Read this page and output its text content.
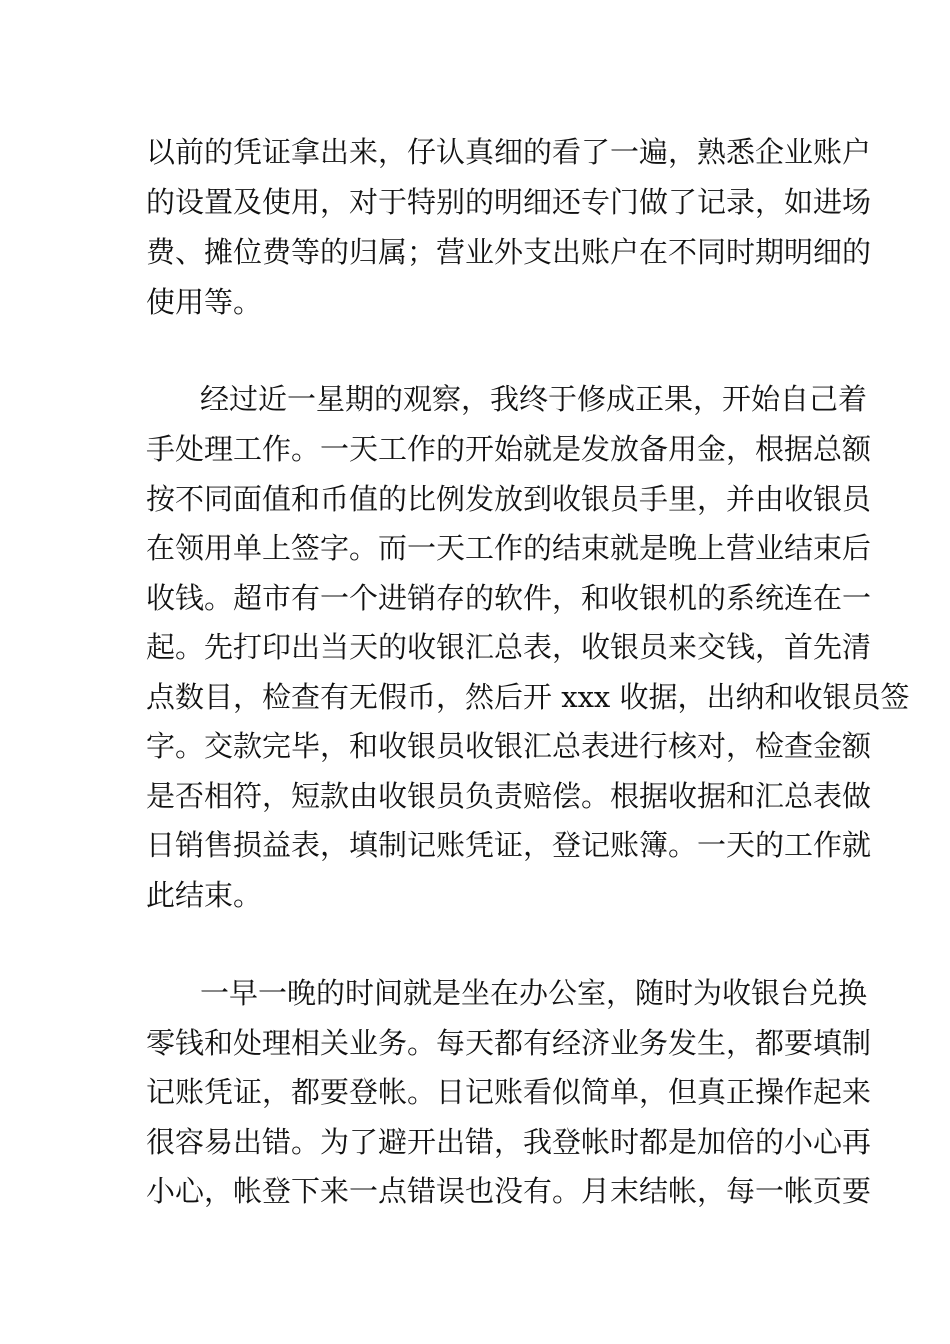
以前的凭证拿出来，仔认真细的看了一遍，熟悉企业账户
的设置及使用，对于特别的明细还专门做了记录，如进场
费、摊位费等的归属；营业外支出账户在不同时期明细的
使用等。
经过近一星期的观察，我终于修成正果，开始自己着
手处理工作。一天工作的开始就是发放备用金，根据总额
按不同面值和币值的比例发放到收银员手里，并由收银员
在领用单上签字。而一天工作的结束就是晚上营业结束后
收钱。超市有一个进销存的软件，和收银机的系统连在一
起。先打印出当天的收银汇总表，收银员来交钱，首先清
点数目，检查有无假币，然后开 xxx 收据，出纳和收银员签
字。交款完毕，和收银员收银汇总表进行核对，检查金额
是否相符，短款由收银员负责赔偿。根据收据和汇总表做
日销售损益表，填制记账凭证，登记账簿。一天的工作就
此结束。
一早一晚的时间就是坐在办公室，随时为收银台兑换
零钱和处理相关业务。每天都有经济业务发生，都要填制
记账凭证，都要登帐。日记账看似简单，但真正操作起来
很容易出错。为了避开出错，我登帐时都是加倍的小心再
小心，帐登下来一点错误也没有。月末结帐，每一帐页要
